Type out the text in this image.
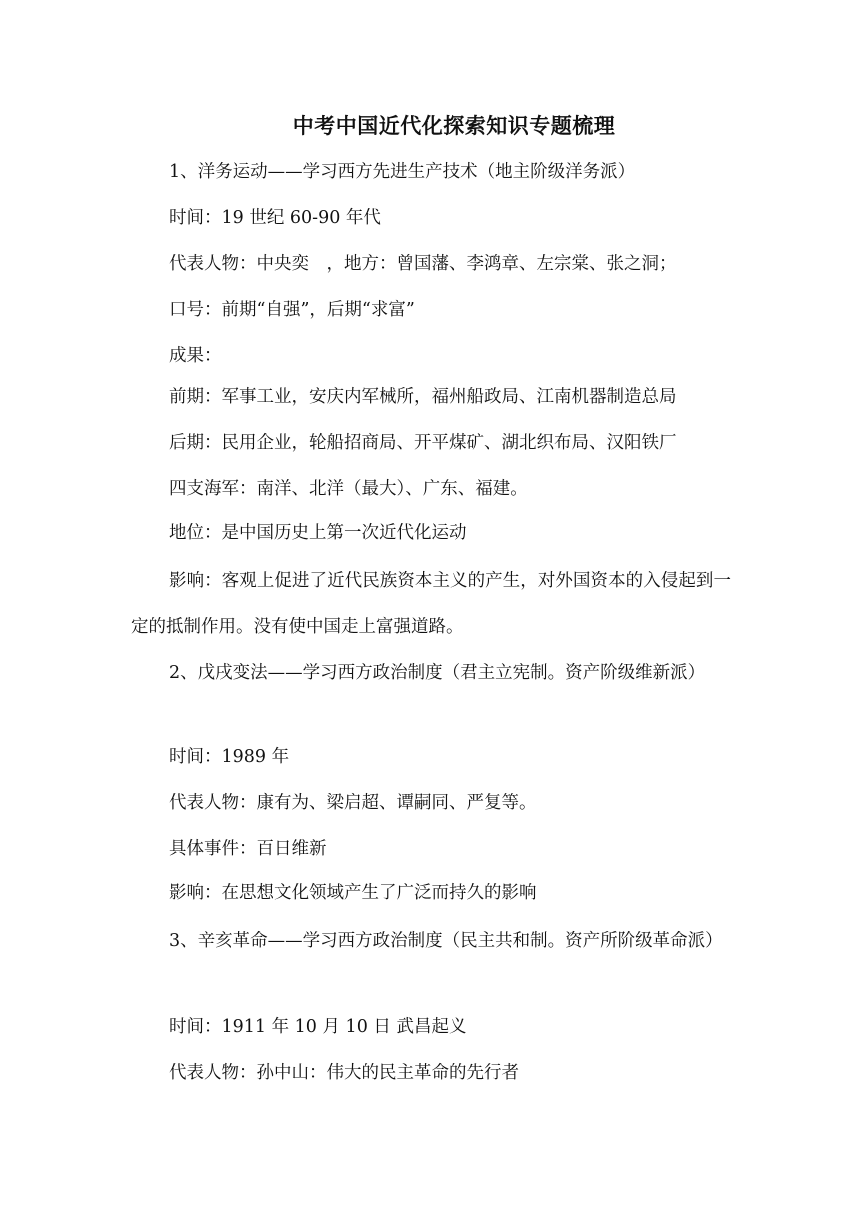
中考中国近代化探索知识专题梳理
1、洋务运动——学习西方先进生产技术（地主阶级洋务派）
时间：19 世纪 60-90 年代
代表人物：中央奕　，地方：曾国藩、李鸿章、左宗棠、张之洞；
口号：前期“自强”，后期“求富”
成果：
前期：军事工业，安庆内军械所，福州船政局、江南机器制造总局
后期：民用企业，轮船招商局、开平煤矿、湖北织布局、汉阳铁厂
四支海军：南洋、北洋（最大）、广东、福建。
地位：是中国历史上第一次近代化运动
影响：客观上促进了近代民族资本主义的产生，对外国资本的入侵起到一定的抵制作用。没有使中国走上富强道路。
2、戊戌变法——学习西方政治制度（君主立宪制。资产阶级维新派）
时间：1989 年
代表人物：康有为、梁启超、谭嗣同、严复等。
具体事件：百日维新
影响：在思想文化领域产生了广泛而持久的影响
3、辛亥革命——学习西方政治制度（民主共和制。资产所阶级革命派）
时间：1911 年 10 月 10 日 武昌起义
代表人物：孙中山：伟大的民主革命的先行者
